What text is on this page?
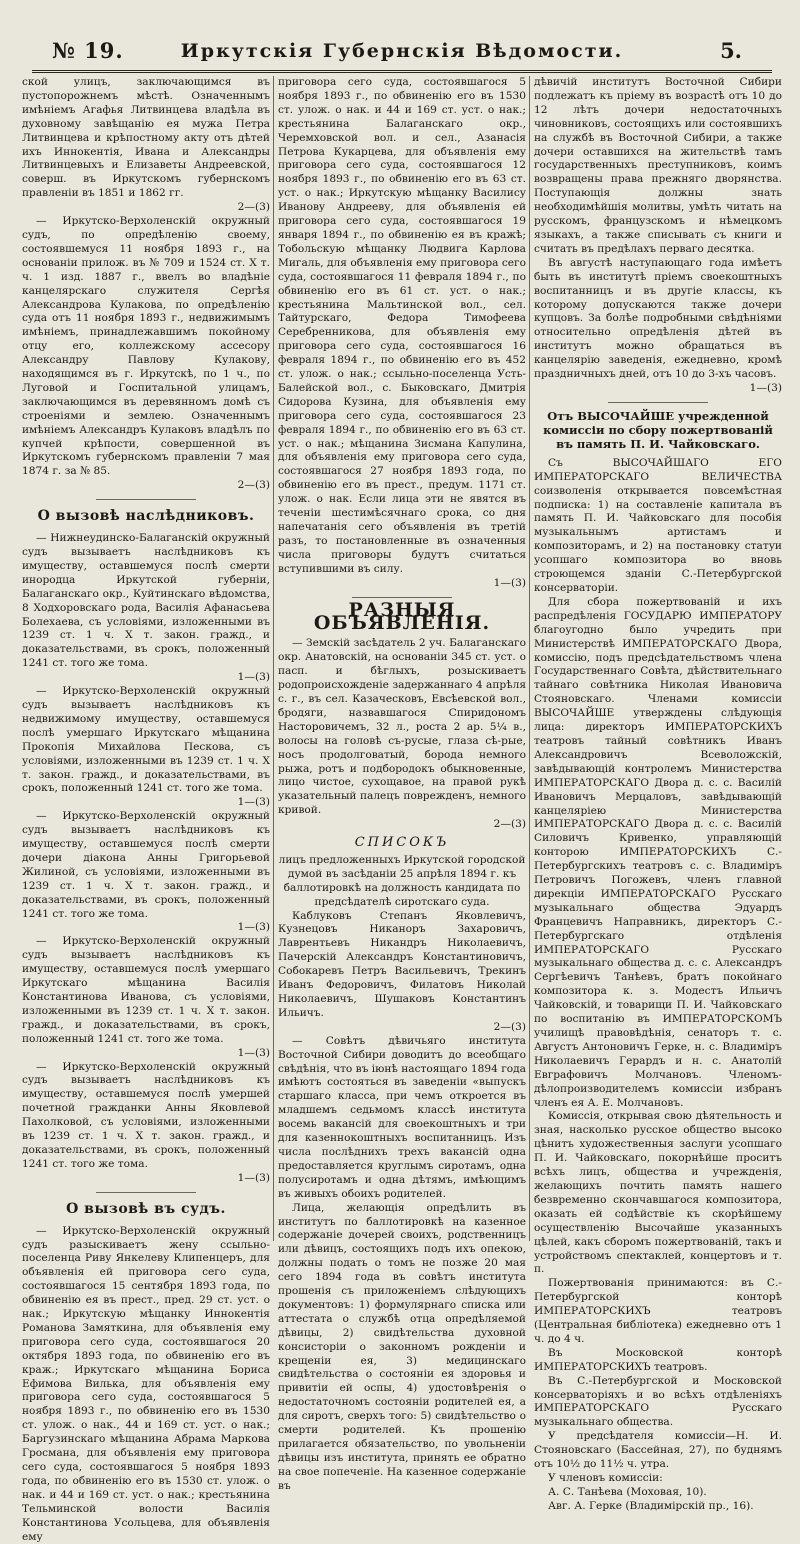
№ 19.	Иркутскія Губернскія Вѣдомости.	5.

ской улицъ, заключающимся въ пустопорожнемъ мѣстѣ. Означеннымъ имѣніемъ Агафья Литвинцева владѣла въ духовному завѣщанію ея мужа Петра Литвинцева и крѣпостному акту отъ дѣтей ихъ Иннокентія, Ивана и Александры Литвинцевыхъ и Елизаветы Андреевской, соверш. въ Иркутскомъ губернскомъ правленіи въ 1851 и 1862 гг.

2—(3)

— Иркутско-Верхоленскій окружный судъ, по опредѣленію своему, состоявшемуся 11 ноября 1893 г., на основаніи прилож. въ № 709 и 1524 ст. X т. ч. 1 изд. 1887 г., ввелъ во владѣніе канцелярскаго служителя Сергѣя Александрова Кулакова, по опредѣленію суда отъ 11 ноября 1893 г., недвижимымъ имѣніемъ, принадлежавшимъ покойному отцу его, коллежскому ассесору Александру Павлову Кулакову, находящимся въ г. Иркутскѣ, по 1 ч., по Луговой и Госпитальной улицамъ, заключающимся въ деревянномъ домѣ съ строеніями и землею. Означеннымъ имѣніемъ Александръ Кулаковъ владѣлъ по купчей крѣпости, совершенной въ Иркутскомъ губернскомъ правленіи 7 мая 1874 г. за № 85.

2—(3)
О вызовѣ наслѣдниковъ.

— Нижнеудинско-Балаганскій окружный судъ вызываетъ наслѣдниковъ къ имуществу, оставшемуся послѣ смерти инородца Иркутской губерніи, Балаганскаго окр., Куйтинскаго вѣдомства, 8 Ходхоровскаго рода, Василія Афанасьева Болехаева, съ условіями, изложенными въ 1239 ст. 1 ч. X т. закон. гражд., и доказательствами, въ срокъ, положенный 1241 ст. того же тома.

1—(3)

— Иркутско-Верхоленскій окружный судъ вызываетъ наслѣдниковъ къ недвижимому имуществу, оставшемуся послѣ умершаго Иркутскаго мѣщанина Прокопія Михайлова Пескова, съ условіями, изложенными въ 1239 ст. 1 ч. X т. закон. гражд., и доказательствами, въ срокъ, положенный 1241 ст. того же тома.

1—(3)

— Иркутско-Верхоленскій окружный судъ вызываетъ наслѣдниковъ къ имуществу, оставшемуся послѣ смерти дочери діакона Анны Григорьевой Жилиной, съ условіями, изложенными въ 1239 ст. 1 ч. X т. закон. гражд., и доказательствами, въ срокъ, положенный 1241 ст. того же тома.

1—(3)

— Иркутско-Верхоленскій окружный судъ вызываетъ наслѣдниковъ къ имуществу, оставшемуся послѣ умершаго Иркутскаго мѣщанина Василія Константинова Иванова, съ условіями, изложенными въ 1239 ст. 1 ч. X т. закон. гражд., и доказательствами, въ срокъ, положенный 1241 ст. того же тома.

1—(3)

— Иркутско-Верхоленскій окружный судъ вызываетъ наслѣдниковъ къ имуществу, оставшемуся послѣ умершей почетной гражданки Анны Яковлевой Пахолковой, съ условіями, изложенными въ 1239 ст. 1 ч. X т. закон. гражд., и доказательствами, въ срокъ, положенный 1241 ст. того же тома.

1—(3)
О вызовѣ въ судъ.

— Иркутско-Верхоленскій окружный судъ разыскиваетъ жену ссыльно-поселенца Риву Янкелеву Клипенцеръ, для объявленія ей приговора сего суда, состоявшагося 15 сентября 1893 года, по обвиненію ея въ прест., пред. 29 ст. уст. о нак.; Иркутскую мѣщанку Иннокентія Романова Замяткина, для объявленія ему приговора сего суда, состоявшагося 20 октября 1893 года, по обвиненію его въ краж.; Иркутскаго мѣщанина Бориса Ефимова Вилька, для объявленія ему приговора сего суда, состоявшагося 5 ноября 1893 г., по обвиненію его въ 1530 ст. улож. о нак., 44 и 169 ст. уст. о нак.; Баргузинскаго мѣщанина Абрама Маркова Гросмана, для объявленія ему приговора сего суда, состоявшагося 5 ноября 1893 года, по обвиненію его въ 1530 ст. улож. о нак. и 44 и 169 ст. уст. о нак.; крестьянина Тельминской волости Василія Константинова Усольцева, для объявленія ему

приговора сего суда, состоявшагося 5 ноября 1893 г., по обвиненію его въ 1530 ст. улож. о нак. и 44 и 169 ст. уст. о нак.; крестьянина Балаганскаго окр., Черемховской вол. и сел., Азанасія Петрова Кукарцева, для объявленія ему приговора сего суда, состоявшагося 12 ноября 1893 г., по обвиненію его въ 63 ст. уст. о нак.; Иркутскую мѣщанку Василису Иванову Андрееву, для объявленія ей приговора сего суда, состоявшагося 19 января 1894 г., по обвиненію ея въ кражѣ; Тобольскую мѣщанку Людвига Карлова Мигаль, для объявленія ему приговора сего суда, состоявшагося 11 февраля 1894 г., по обвиненію его въ 61 ст. уст. о нак.; крестьянина Мальтинской вол., сел. Тайтурскаго, Федора Тимофеева Серебренникова, для объявленія ему приговора сего суда, состоявшагося 16 февраля 1894 г., по обвиненію его въ 452 ст. улож. о нак.; ссыльно-поселенца Усть-Балейской вол., с. Быковскаго, Дмитрія Сидорова Кузина, для объявленія ему приговора сего суда, состоявшагося 23 февраля 1894 г., по обвиненію его въ 63 ст. уст. о нак.; мѣщанина Зисмана Капулина, для объявленія ему приговора сего суда, состоявшагося 27 ноября 1893 года, по обвиненію его въ прест., предум. 1171 ст. улож. о нак. Если лица эти не явятся въ теченіи шестимѣсячнаго срока, со дня напечатанія сего объявленія въ третій разъ, то постановленные въ означенныя числа приговоры будутъ считаться вступившими въ силу.

1—(3)
РАЗНЫЯ ОБЪЯВЛЕНІЯ.

— Земскій засѣдатель 2 уч. Балаганскаго окр. Анатовскій, на основаніи 345 ст. уст. о пасп. и бѣглыхъ, розыскиваетъ родопроисхожденіе задержаннаго 4 апрѣля с. г., въ сел. Казаческовъ, Евсѣевской вол., бродяги, назвавшагося Спиридономъ Насторовичемъ, 32 л., роста 2 ар. 5¼ в., волосы на головѣ съ-русые, глаза сѣ-рые, носъ продолговатый, борода немного рыжа, ротъ и подбородокъ обыкновенные, лицо чистое, сухощавое, на правой рукѣ указательный палецъ поврежденъ, немного кривой.

2—(3)
СПИСОКЪ

лицъ предложенныхъ Иркутской городской думой въ засѣданіи 25 апрѣля 1894 г. къ баллотировкѣ на должность кандидата по предсѣдателѣ сиротскаго суда.

Каблуковъ Степанъ Яковлевичъ, Кузнецовъ Никаноръ Захаровичъ, Лаврентьевъ Никандръ Николаевичъ, Пачерскій Александръ Константиновичъ, Собокаревъ Петръ Васильевичъ, Трекинъ Иванъ Федоровичъ, Филатовъ Николай Николаевичъ, Шушаковъ Константинъ Ильичъ.

2—(3)

— Совѣтъ дѣвичьяго института Восточной Сибири доводитъ до всеобщаго свѣдѣнія, что въ іюнѣ настоящаго 1894 года имѣютъ состояться въ заведеніи «выпускъ старшаго класса, при чемъ откроется въ младшемъ седьмомъ классѣ института восемь вакансій для своекоштныхъ и три для казеннокоштныхъ воспитанницъ. Изъ числа послѣднихъ трехъ вакансій одна предоставляется круглымъ сиротамъ, одна полусиротамъ и одна дѣтямъ, имѣющимъ въ живыхъ обоихъ родителей.

Лица, желающія опредѣлить въ институтъ по баллотировкѣ на казенное содержаніе дочерей своихъ, родственницъ или дѣвицъ, состоящихъ подъ ихъ опекою, должны подать о томъ не позже 20 мая сего 1894 года въ совѣтъ института прошенія съ приложеніемъ слѣдующихъ документовъ: 1) формулярнаго списка или аттестата о службѣ отца опредѣляемой дѣвицы, 2) свидѣтельства духовной консисторіи о законномъ рожденіи и крещеніи ея, 3) медицинскаго свидѣтельства о состояніи ея здоровья и привитіи ей оспы, 4) удостовѣренія о недостаточномъ состояніи родителей ея, а для сиротъ, сверхъ того: 5) свидѣтельство о смерти родителей. Къ прошенію прилагается обязательство, по увольненіи дѣвицы изъ института, принять ее обратно на свое попеченіе. На казенное содержаніе въ

дѣвичій институтъ Восточной Сибири подлежатъ къ пріему въ возрастѣ отъ 10 до 12 лѣтъ дочери недостаточныхъ чиновниковъ, состоящихъ или состоявшихъ на службѣ въ Восточной Сибири, а также дочери оставшихся на жительствѣ тамъ государственныхъ преступниковъ, коимъ возвращены права прежняго дворянства. Поступающія должны знать необходимѣйшія молитвы, умѣть читать на русскомъ, французскомъ и нѣмецкомъ языкахъ, а также списывать съ книги и считать въ предѣлахъ перваго десятка.

Въ августѣ наступающаго года имѣетъ быть въ институтѣ пріемъ своекоштныхъ воспитанницъ и въ другіе классы, къ которому допускаются также дочери купцовъ. За болѣе подробными свѣдѣніями относительно опредѣленія дѣтей въ институтъ можно обращаться въ канцелярію заведенія, ежедневно, кромѣ праздничныхъ дней, отъ 10 до 3-хъ часовъ.

1—(3)
Отъ ВЫСОЧАЙШЕ учрежденной комиссіи по сбору пожертвованій въ память П. И. Чайковскаго.

Съ ВЫСОЧАЙШАГО ЕГО ИМПЕРАТОРСКАГО ВЕЛИЧЕСТВА соизволенія открывается повсемѣстная подписка: 1) на составленіе капитала въ память П. И. Чайковскаго для пособія музыкальнымъ артистамъ и композиторамъ, и 2) на постановку статуи усопшаго композитора во вновь строющемся зданіи С.-Петербургской консерваторіи.

Для сбора пожертвованій и ихъ распредѣленія ГОСУДАРЮ ИМПЕРАТОРУ благоугодно было учредить при Министерствѣ ИМПЕРАТОРСКАГО Двора, комиссію, подъ предсѣдательствомъ члена Государственнаго Совѣта, дѣйствительнаго тайнаго совѣтника Николая Ивановича Стояновскаго. Членами комиссіи ВЫСОЧАЙШЕ утверждены слѣдующія лица: директоръ ИМПЕРАТОРСКИХЪ театровъ тайный совѣтникъ Иванъ Александровичъ Всеволожскій, завѣдывающій контролемъ Министерства ИМПЕРАТОРСКАГО Двора д. с. с. Василій Ивановичъ Мерцаловъ, завѣдывающій канцеляріею Министерства ИМПЕРАТОРСКАГО Двора д. с. с. Василій Силовичъ Кривенко, управляющій конторою ИМПЕРАТОРСКИХЪ С.-Петербургскихъ театровъ с. с. Владиміръ Петровичъ Погожевъ, членъ главной дирекціи ИМПЕРАТОРСКАГО Русскаго музыкальнаго общества Эдуардъ Францевичъ Направникъ, директоръ С.-Петербургскаго отдѣленія ИМПЕРАТОРСКАГО Русскаго музыкальнаго общества д. с. с. Александръ Сергѣевичъ Танѣевъ, братъ покойнаго композитора к. з. Модестъ Ильичъ Чайковскій, и товарищи П. И. Чайковскаго по воспитанію въ ИМПЕРАТОРСКОМЪ училищѣ правовѣдѣнія, сенаторъ т. с. Августъ Антоновичъ Герке, н. с. Владиміръ Николаевичъ Герардъ и н. с. Анатолій Евграфовичъ Молчановъ. Членомъ-дѣлопроизводителемъ комиссіи избранъ членъ ея А. Е. Молчановъ.

Комиссія, открывая свою дѣятельность и зная, насколько русское общество высоко цѣнитъ художественныя заслуги усопшаго П. И. Чайковскаго, покорнѣйше проситъ всѣхъ лицъ, общества и учрежденія, желающихъ почтить память нашего безвременно скончавшагося композитора, оказать ей содѣйствіе къ скорѣйшему осуществленію Высочайше указанныхъ цѣлей, какъ сборомъ пожертвованій, такъ и устройствомъ спектаклей, концертовъ и т. п.

Пожертвованія принимаются: въ С.-Петербургской конторѣ ИМПЕРАТОРСКИХЪ театровъ (Центральная библіотека) ежедневно отъ 1 ч. до 4 ч.

Въ Московской конторѣ ИМПЕРАТОРСКИХЪ театровъ.

Въ С.-Петербургской и Московской консерваторіяхъ и во всѣхъ отдѣленіяхъ ИМПЕРАТОРСКАГО Русскаго музыкальнаго общества.

У предсѣдателя комиссіи—Н. И. Стояновскаго (Бассейная, 27), по буднямъ отъ 10½ до 11½ ч. утра.

У членовъ комиссіи:

А. С. Танѣева (Моховая, 10).

Авг. А. Герке (Владимірскій пр., 16).
